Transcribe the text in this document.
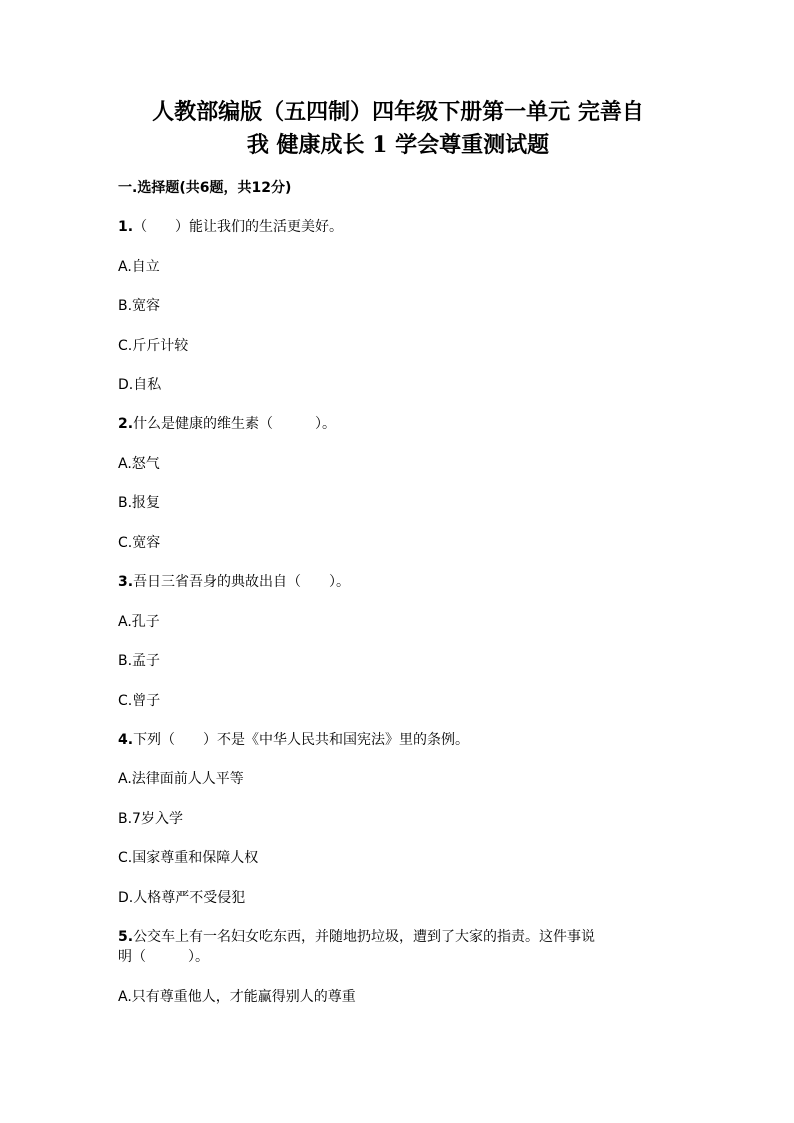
人教部编版（五四制）四年级下册第一单元 完善自
我 健康成长 1 学会尊重测试题
一.选择题(共6题，共12分)
1.（　　）能让我们的生活更美好。
A.自立
B.宽容
C.斤斤计较
D.自私
2.什么是健康的维生素（　　　）。
A.怒气
B.报复
C.宽容
3.吾日三省吾身的典故出自（　　）。
A.孔子
B.孟子
C.曾子
4.下列（　　）不是《中华人民共和国宪法》里的条例。
A.法律面前人人平等
B.7岁入学
C.国家尊重和保障人权
D.人格尊严不受侵犯
5.公交车上有一名妇女吃东西，并随地扔垃圾，遭到了大家的指责。这件事说
明（　　　）。
A.只有尊重他人，才能赢得别人的尊重
